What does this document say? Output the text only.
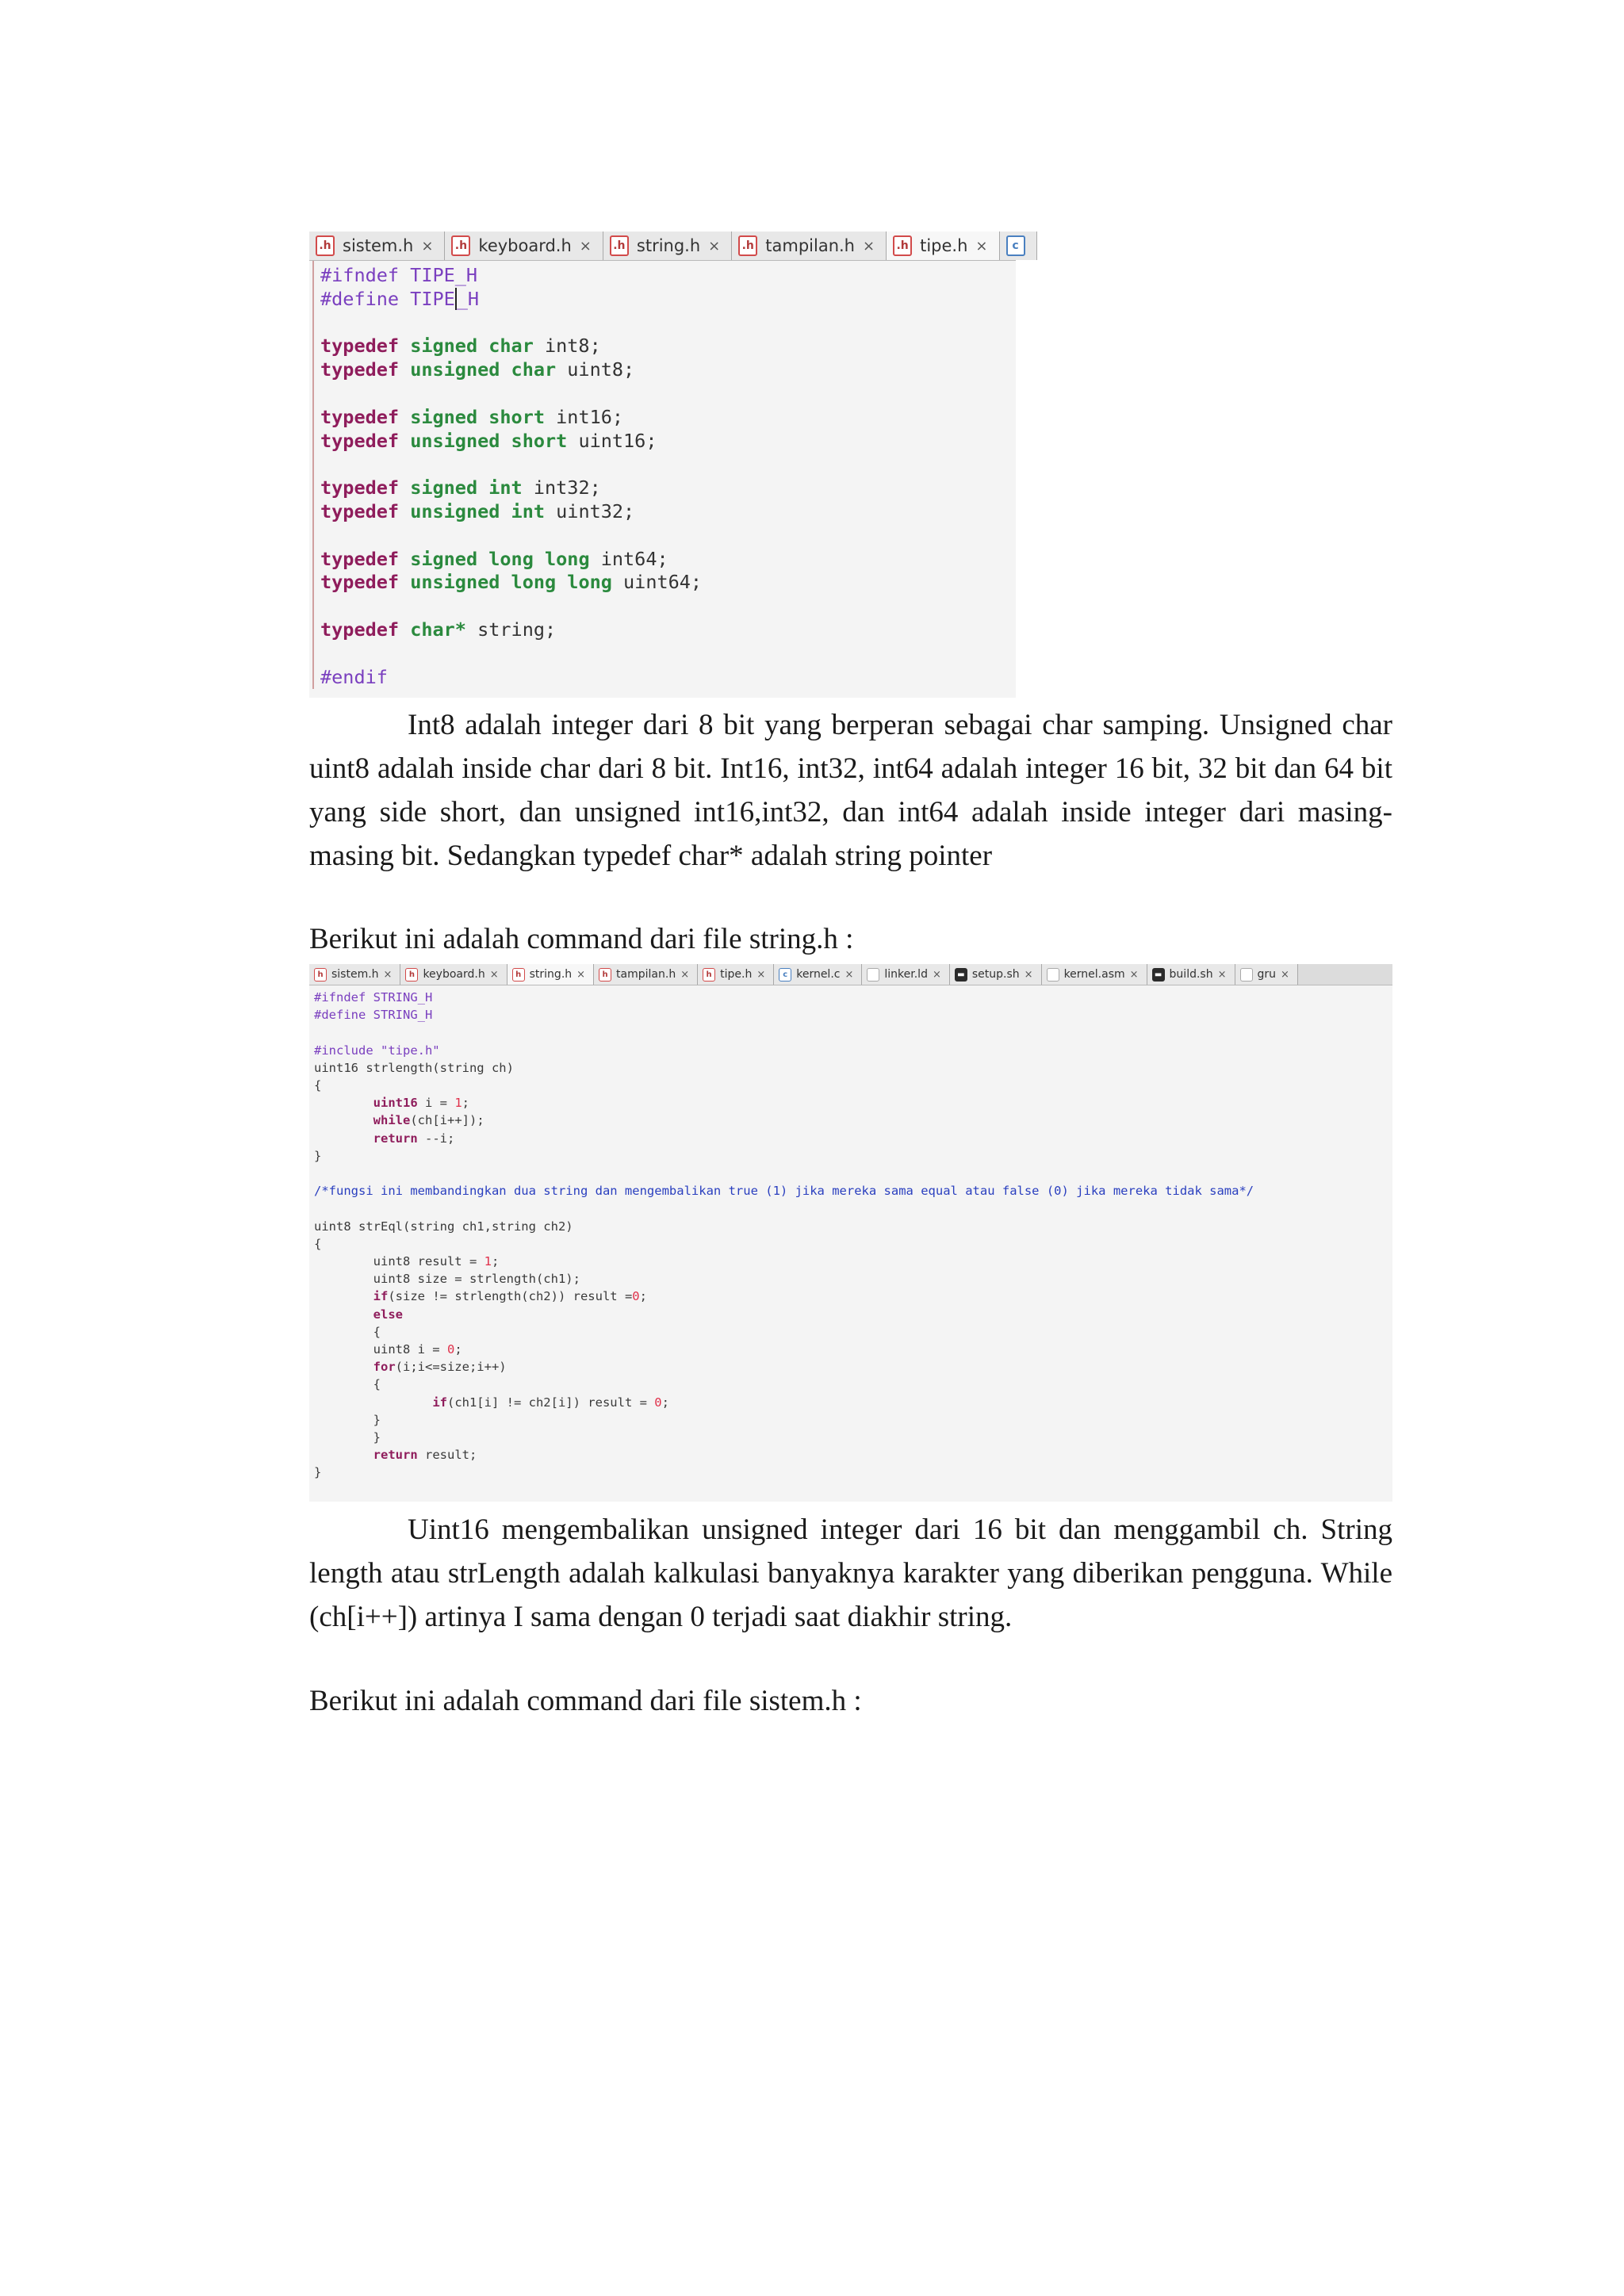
.h sistem.h ×	.h keyboard.h ×	.h string.h ×	.h tampilan.h ×	.h tipe.h ×	c
#ifndef TIPE_H
#define TIPE_H

typedef signed char int8;
typedef unsigned char uint8;

typedef signed short int16;
typedef unsigned short uint16;

typedef signed int int32;
typedef unsigned int uint32;

typedef signed long long int64;
typedef unsigned long long uint64;

typedef char* string;

#endif

Int8 adalah integer dari 8 bit yang berperan sebagai char samping. Unsigned char uint8 adalah inside char dari 8 bit. Int16, int32, int64 adalah integer 16 bit, 32 bit dan 64 bit yang side short, dan unsigned int16,int32, dan int64 adalah inside integer dari masing-masing bit. Sedangkan typedef char* adalah string pointer

Berikut ini adalah command dari file string.h :

h sistem.h ×	h keyboard.h ×	h string.h ×	h tampilan.h ×	h tipe.h ×	c kernel.c ×	linker.ld ×	▬ setup.sh ×	kernel.asm ×	▬ build.sh ×	gru ×
#ifndef STRING_H
#define STRING_H

#include "tipe.h"
uint16 strlength(string ch)
{
uint16 i = 1;
while(ch[i++]);
return --i;
}

/*fungsi ini membandingkan dua string dan mengembalikan true (1) jika mereka sama equal atau false (0) jika mereka tidak sama*/

uint8 strEql(string ch1,string ch2)
{
uint8 result = 1;
uint8 size = strlength(ch1);
if(size != strlength(ch2)) result =0;
else
{
uint8 i = 0;
for(i;i<=size;i++)
{
if(ch1[i] != ch2[i]) result = 0;
}
}
return result;
}

Uint16 mengembalikan unsigned integer dari 16 bit dan menggambil ch. String length atau strLength adalah kalkulasi banyaknya karakter yang diberikan pengguna. While (ch[i++]) artinya I sama dengan 0 terjadi saat diakhir string.

Berikut ini adalah command dari file sistem.h :
